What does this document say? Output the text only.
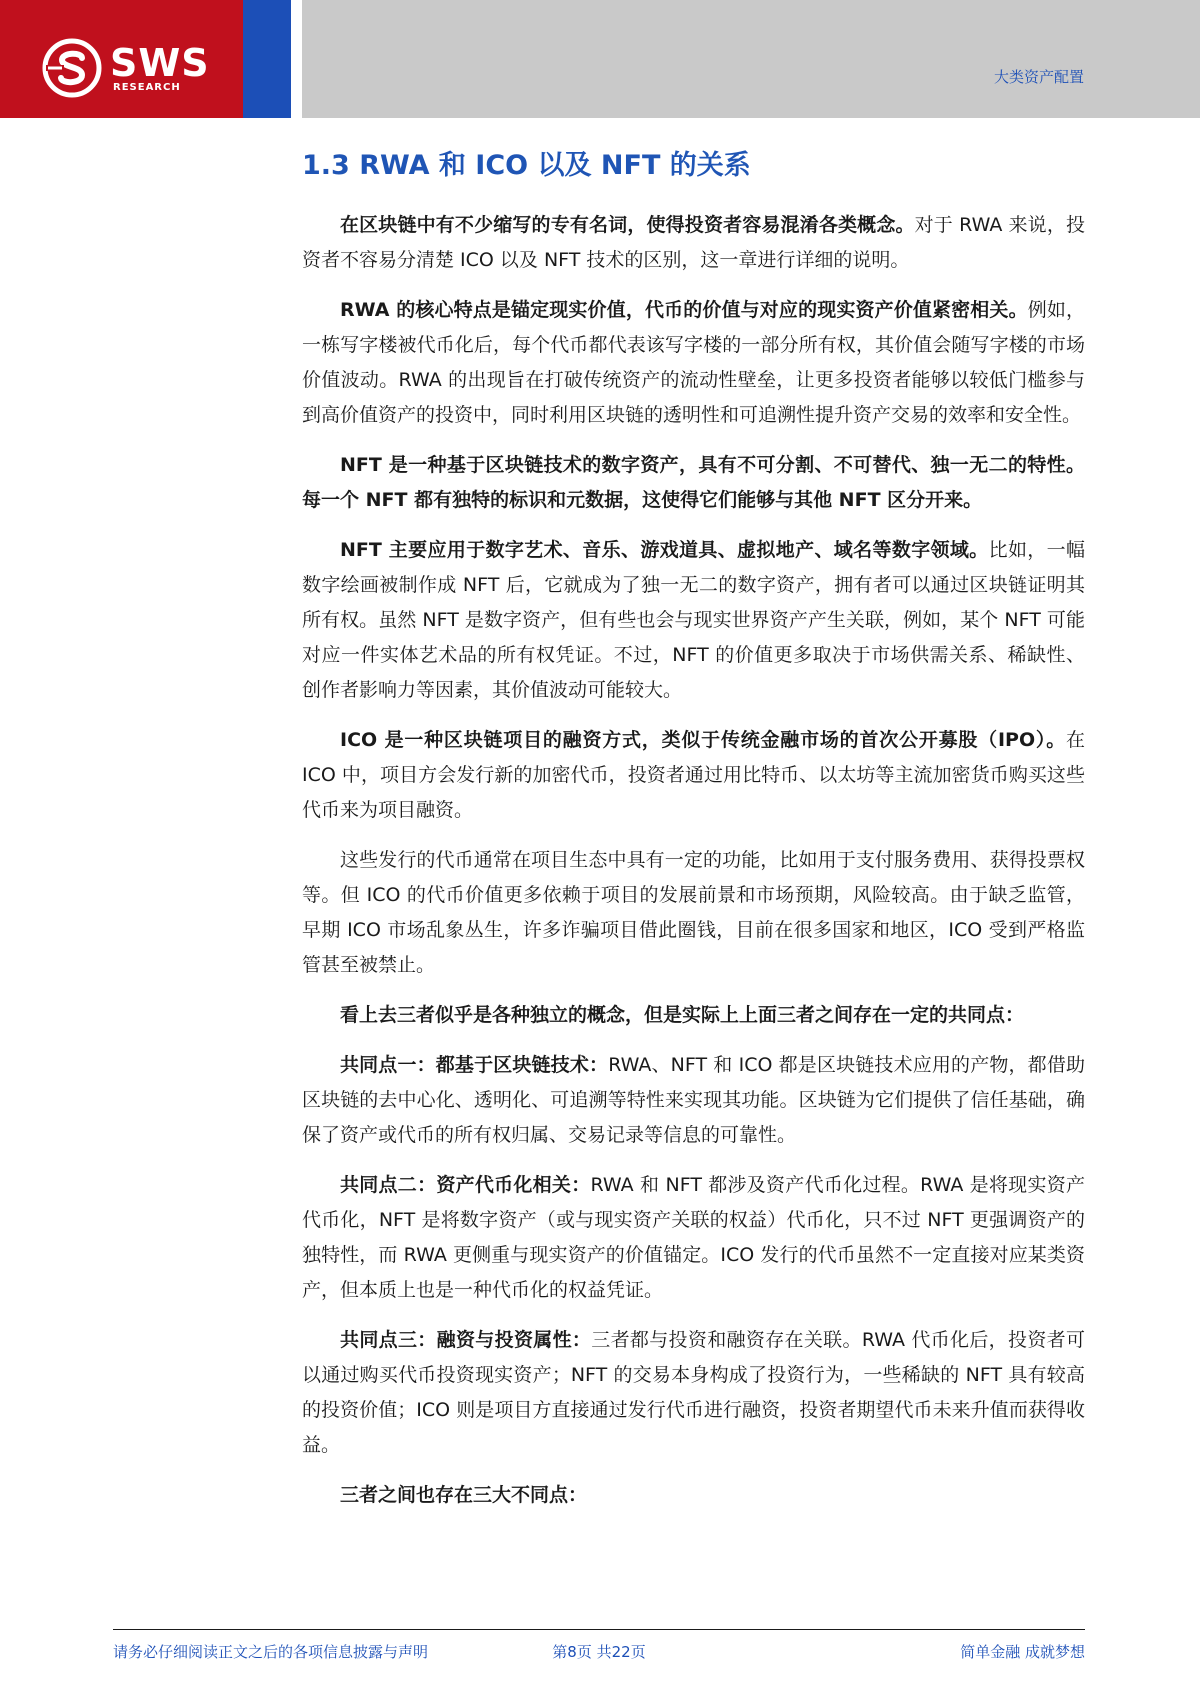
SWS
RESEARCH
大类资产配置
1.3 RWA 和 ICO 以及 NFT 的关系

在区块链中有不少缩写的专有名词，使得投资者容易混淆各类概念。对于 RWA 来说，投资者不容易分清楚 ICO 以及 NFT 技术的区别，这一章进行详细的说明。

RWA 的核心特点是锚定现实价值，代币的价值与对应的现实资产价值紧密相关。例如，一栋写字楼被代币化后，每个代币都代表该写字楼的一部分所有权，其价值会随写字楼的市场价值波动。RWA 的出现旨在打破传统资产的流动性壁垒，让更多投资者能够以较低门槛参与到高价值资产的投资中，同时利用区块链的透明性和可追溯性提升资产交易的效率和安全性。

NFT 是一种基于区块链技术的数字资产，具有不可分割、不可替代、独一无二的特性。每一个 NFT 都有独特的标识和元数据，这使得它们能够与其他 NFT 区分开来。

NFT 主要应用于数字艺术、音乐、游戏道具、虚拟地产、域名等数字领域。比如，一幅数字绘画被制作成 NFT 后，它就成为了独一无二的数字资产，拥有者可以通过区块链证明其所有权。虽然 NFT 是数字资产，但有些也会与现实世界资产产生关联，例如，某个 NFT 可能对应一件实体艺术品的所有权凭证。不过，NFT 的价值更多取决于市场供需关系、稀缺性、创作者影响力等因素，其价值波动可能较大。

ICO 是一种区块链项目的融资方式，类似于传统金融市场的首次公开募股（IPO）。在 ICO 中，项目方会发行新的加密代币，投资者通过用比特币、以太坊等主流加密货币购买这些代币来为项目融资。

这些发行的代币通常在项目生态中具有一定的功能，比如用于支付服务费用、获得投票权等。但 ICO 的代币价值更多依赖于项目的发展前景和市场预期，风险较高。由于缺乏监管，早期 ICO 市场乱象丛生，许多诈骗项目借此圈钱，目前在很多国家和地区，ICO 受到严格监管甚至被禁止。

看上去三者似乎是各种独立的概念，但是实际上上面三者之间存在一定的共同点：

共同点一：都基于区块链技术：RWA、NFT 和 ICO 都是区块链技术应用的产物，都借助区块链的去中心化、透明化、可追溯等特性来实现其功能。区块链为它们提供了信任基础，确保了资产或代币的所有权归属、交易记录等信息的可靠性。

共同点二：资产代币化相关：RWA 和 NFT 都涉及资产代币化过程。RWA 是将现实资产代币化，NFT 是将数字资产（或与现实资产关联的权益）代币化，只不过 NFT 更强调资产的独特性，而 RWA 更侧重与现实资产的价值锚定。ICO 发行的代币虽然不一定直接对应某类资产，但本质上也是一种代币化的权益凭证。

共同点三：融资与投资属性：三者都与投资和融资存在关联。RWA 代币化后，投资者可以通过购买代币投资现实资产；NFT 的交易本身构成了投资行为，一些稀缺的 NFT 具有较高的投资价值；ICO 则是项目方直接通过发行代币进行融资，投资者期望代币未来升值而获得收益。

三者之间也存在三大不同点：

请务必仔细阅读正文之后的各项信息披露与声明	第8页 共22页	简单金融 成就梦想
